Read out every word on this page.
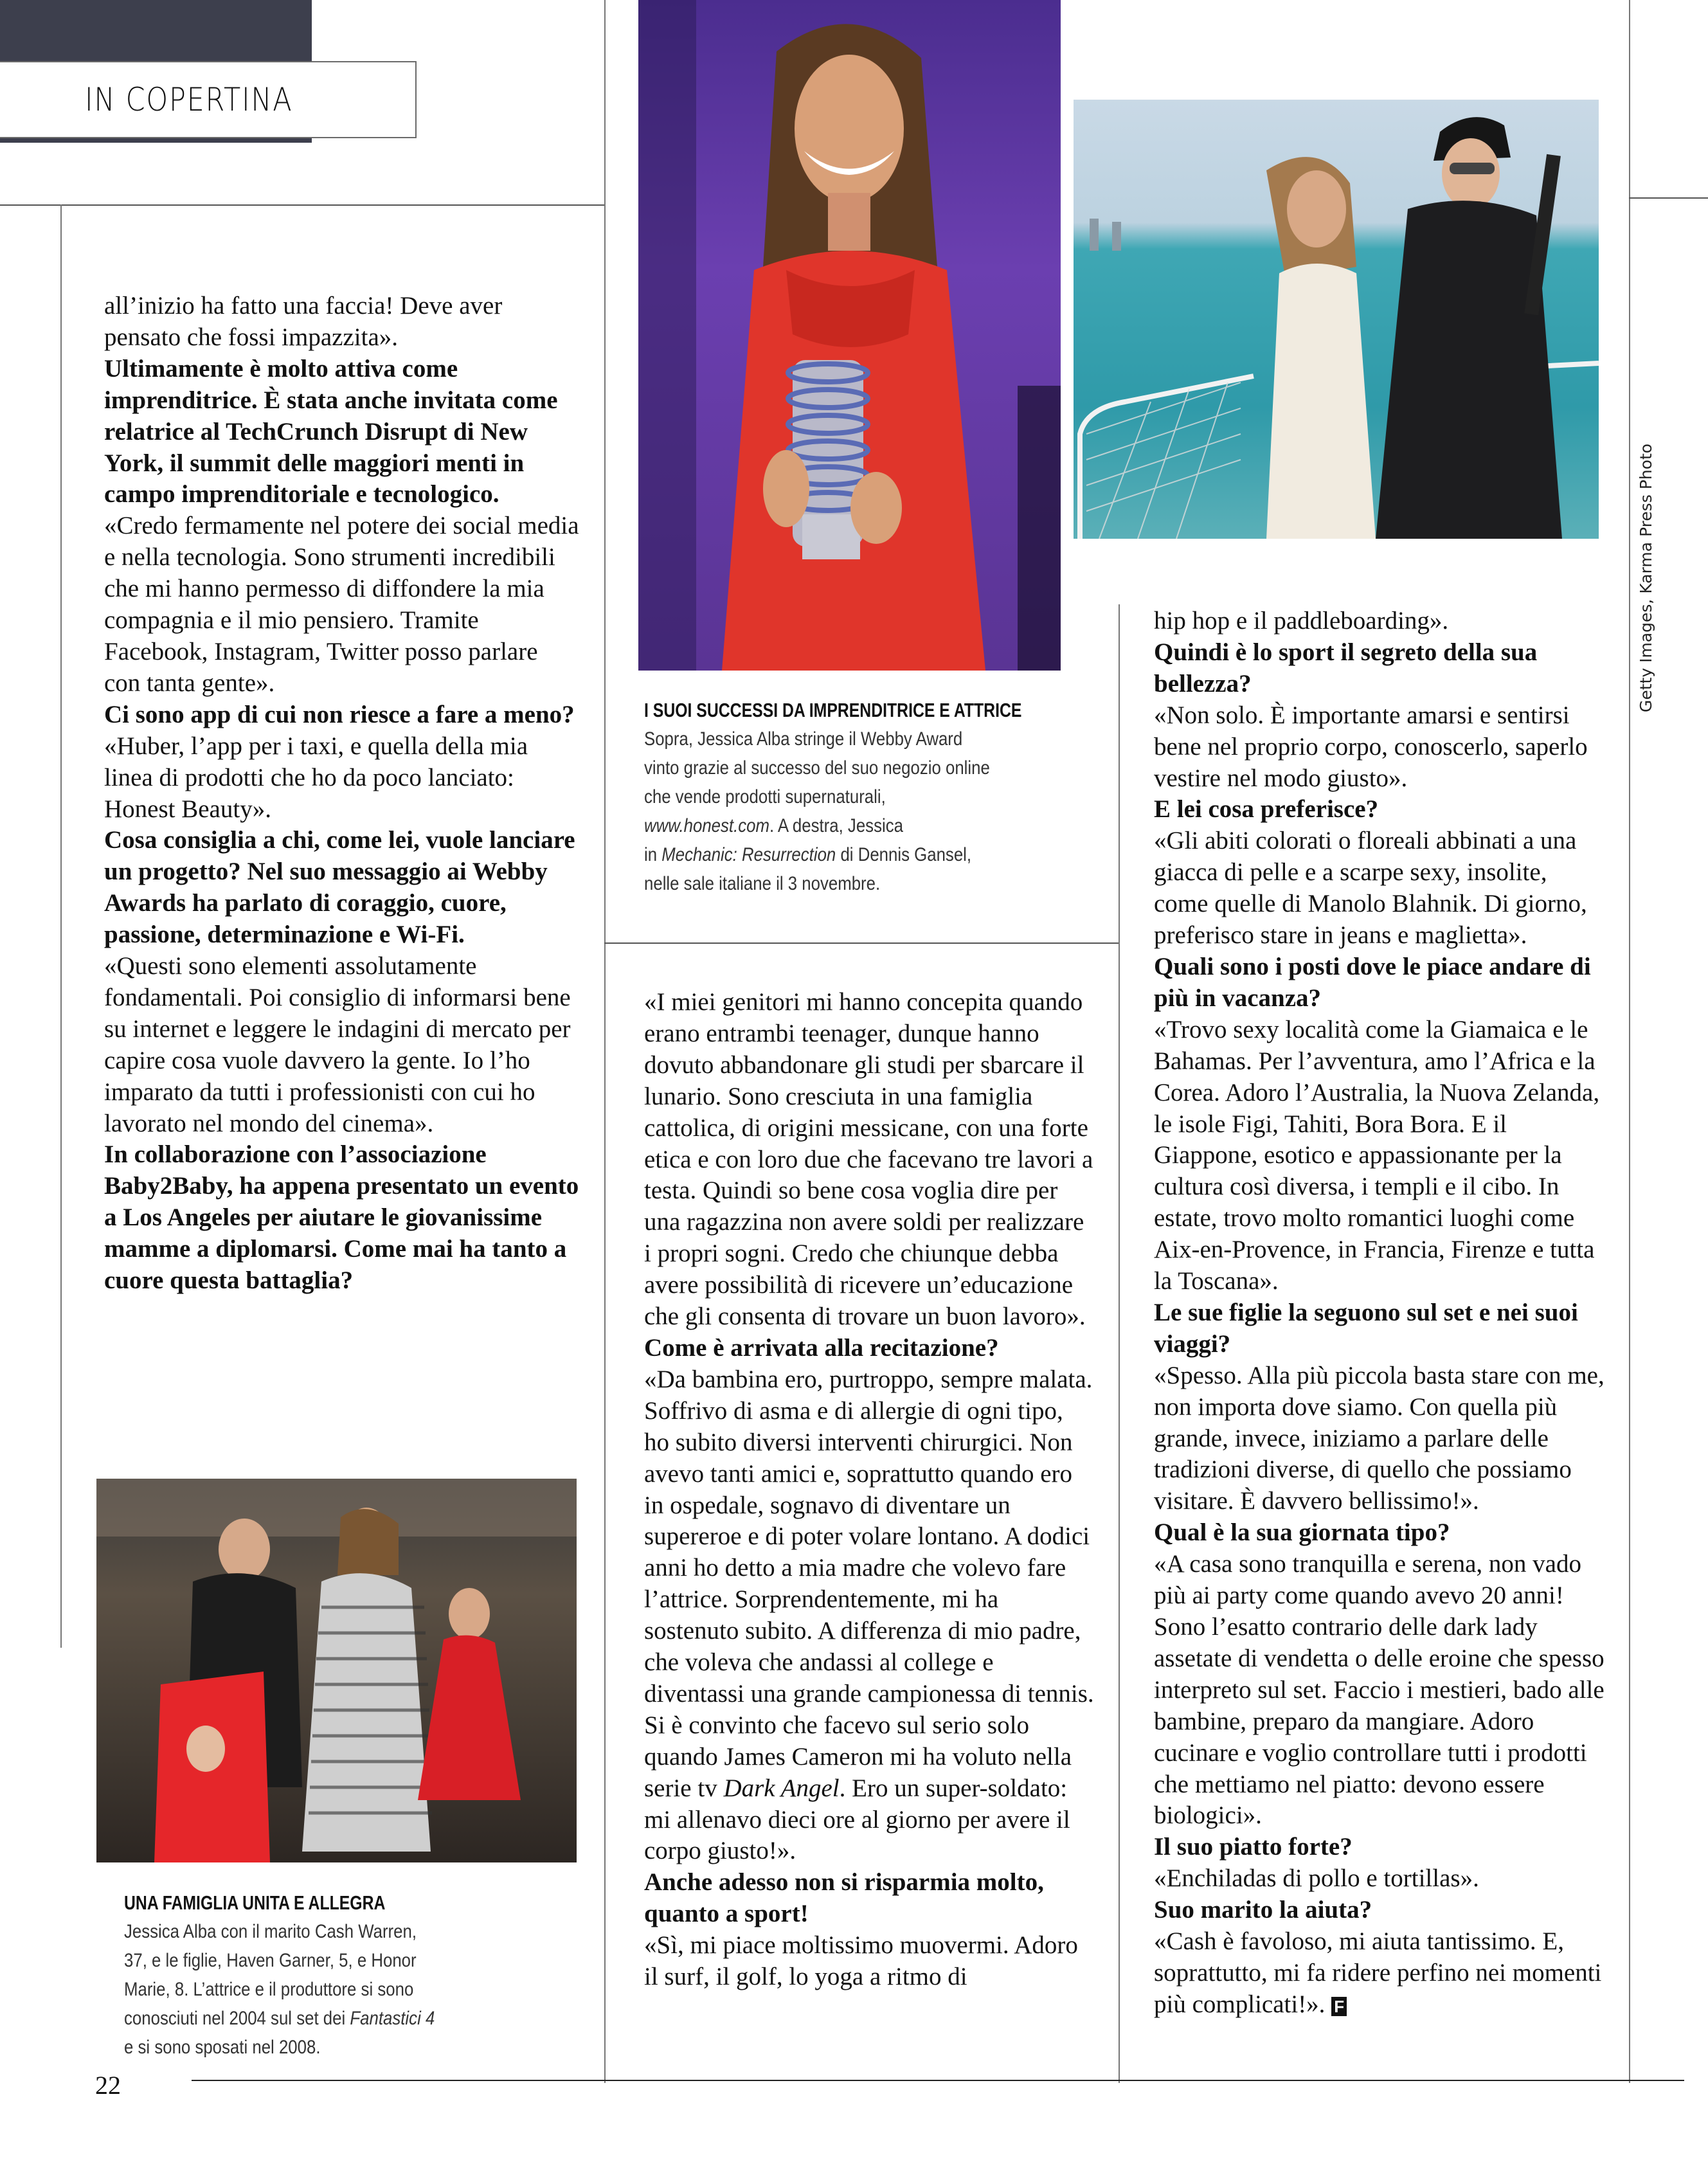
IN COPERTINA
I SUOI SUCCESSI DA IMPRENDITRICE E ATTRICE
Sopra, Jessica Alba stringe il Webby Award
vinto grazie al successo del suo negozio online
che vende prodotti supernaturali,
www.honest.com. A destra, Jessica
in Mechanic: Resurrection di Dennis Gansel,
nelle sale italiane il 3 novembre.
Getty Images, Karma Press Photo

all’inizio ha fatto una faccia! Deve aver pensato che fossi impazzita».

Ultimamente è molto attiva come imprenditrice. È stata anche invitata come relatrice al TechCrunch Disrupt di New York, il summit delle maggiori menti in campo imprenditoriale e tecnologico.

«Credo fermamente nel potere dei social media e nella tecnologia. Sono strumenti incredibili che mi hanno permesso di diffondere la mia compagnia e il mio pensiero. Tramite Facebook, Instagram, Twitter posso parlare con tanta gente».

Ci sono app di cui non riesce a fare a meno?

«Huber, l’app per i taxi, e quella della mia linea di prodotti che ho da poco lanciato: Honest Beauty».

Cosa consiglia a chi, come lei, vuole lanciare un progetto? Nel suo messaggio ai Webby Awards ha parlato di coraggio, cuore, passione, determinazione e Wi-Fi.

«Questi sono elementi assolutamente fondamentali. Poi consiglio di informarsi bene su internet e leggere le indagini di mercato per capire cosa vuole davvero la gente. Io l’ho imparato da tutti i professionisti con cui ho lavorato nel mondo del cinema».

In collaborazione con l’associazione Baby2Baby, ha appena presentato un evento a Los Angeles per aiutare le giovanissime mamme a diplomarsi. Come mai ha tanto a cuore questa battaglia?

UNA FAMIGLIA UNITA E ALLEGRA
Jessica Alba con il marito Cash Warren,
37, e le figlie, Haven Garner, 5, e Honor
Marie, 8. L’attrice e il produttore si sono
conosciuti nel 2004 sul set dei Fantastici 4
e si sono sposati nel 2008.

«I miei genitori mi hanno concepita quando erano entrambi teenager, dunque hanno dovuto abbandonare gli studi per sbarcare il lunario. Sono cresciuta in una famiglia cattolica, di origini messicane, con una forte etica e con loro due che facevano tre lavori a testa. Quindi so bene cosa voglia dire per una ragazzina non avere soldi per realizzare i propri sogni. Credo che chiunque debba avere possibilità di ricevere un’educazione che gli consenta di trovare un buon lavoro».

Come è arrivata alla recitazione?

«Da bambina ero, purtroppo, sempre malata. Soffrivo di asma e di allergie di ogni tipo, ho subito diversi interventi chirurgici. Non avevo tanti amici e, soprattutto quando ero in ospedale, sognavo di diventare un supereroe e di poter volare lontano. A dodici anni ho detto a mia madre che volevo fare l’attrice. Sorprendentemente, mi ha sostenuto subito. A differenza di mio padre, che voleva che andassi al college e diventassi una grande campionessa di tennis. Si è convinto che facevo sul serio solo quando James Cameron mi ha voluto nella serie tv Dark Angel. Ero un super-soldato: mi allenavo dieci ore al giorno per avere il corpo giusto!».

Anche adesso non si risparmia molto, quanto a sport!

«Sì, mi piace moltissimo muovermi. Adoro il surf, il golf, lo yoga a ritmo di

hip hop e il paddleboarding».

Quindi è lo sport il segreto della sua bellezza?

«Non solo. È importante amarsi e sentirsi bene nel proprio corpo, conoscerlo, saperlo vestire nel modo giusto».

E lei cosa preferisce?

«Gli abiti colorati o floreali abbinati a una giacca di pelle e a scarpe sexy, insolite, come quelle di Manolo Blahnik. Di giorno, preferisco stare in jeans e maglietta».

Quali sono i posti dove le piace andare di più in vacanza?

«Trovo sexy località come la Giamaica e le Bahamas. Per l’avventura, amo l’Africa e la Corea. Adoro l’Australia, la Nuova Zelanda, le isole Figi, Tahiti, Bora Bora. E il Giappone, esotico e appassionante per la cultura così diversa, i templi e il cibo. In estate, trovo molto romantici luoghi come Aix-en-Provence, in Francia, Firenze e tutta la Toscana».

Le sue figlie la seguono sul set e nei suoi viaggi?

«Spesso. Alla più piccola basta stare con me, non importa dove siamo. Con quella più grande, invece, iniziamo a parlare delle tradizioni diverse, di quello che possiamo visitare. È davvero bellissimo!».

Qual è la sua giornata tipo?

«A casa sono tranquilla e serena, non vado più ai party come quando avevo 20 anni! Sono l’esatto contrario delle dark lady assetate di vendetta o delle eroine che spesso interpreto sul set. Faccio i mestieri, bado alle bambine, preparo da mangiare. Adoro cucinare e voglio controllare tutti i prodotti che mettiamo nel piatto: devono essere biologici».

Il suo piatto forte?

«Enchiladas di pollo e tortillas».

Suo marito la aiuta?

«Cash è favoloso, mi aiuta tantissimo. E, soprattutto, mi fa ridere perfino nei momenti più complicati!». F

22
